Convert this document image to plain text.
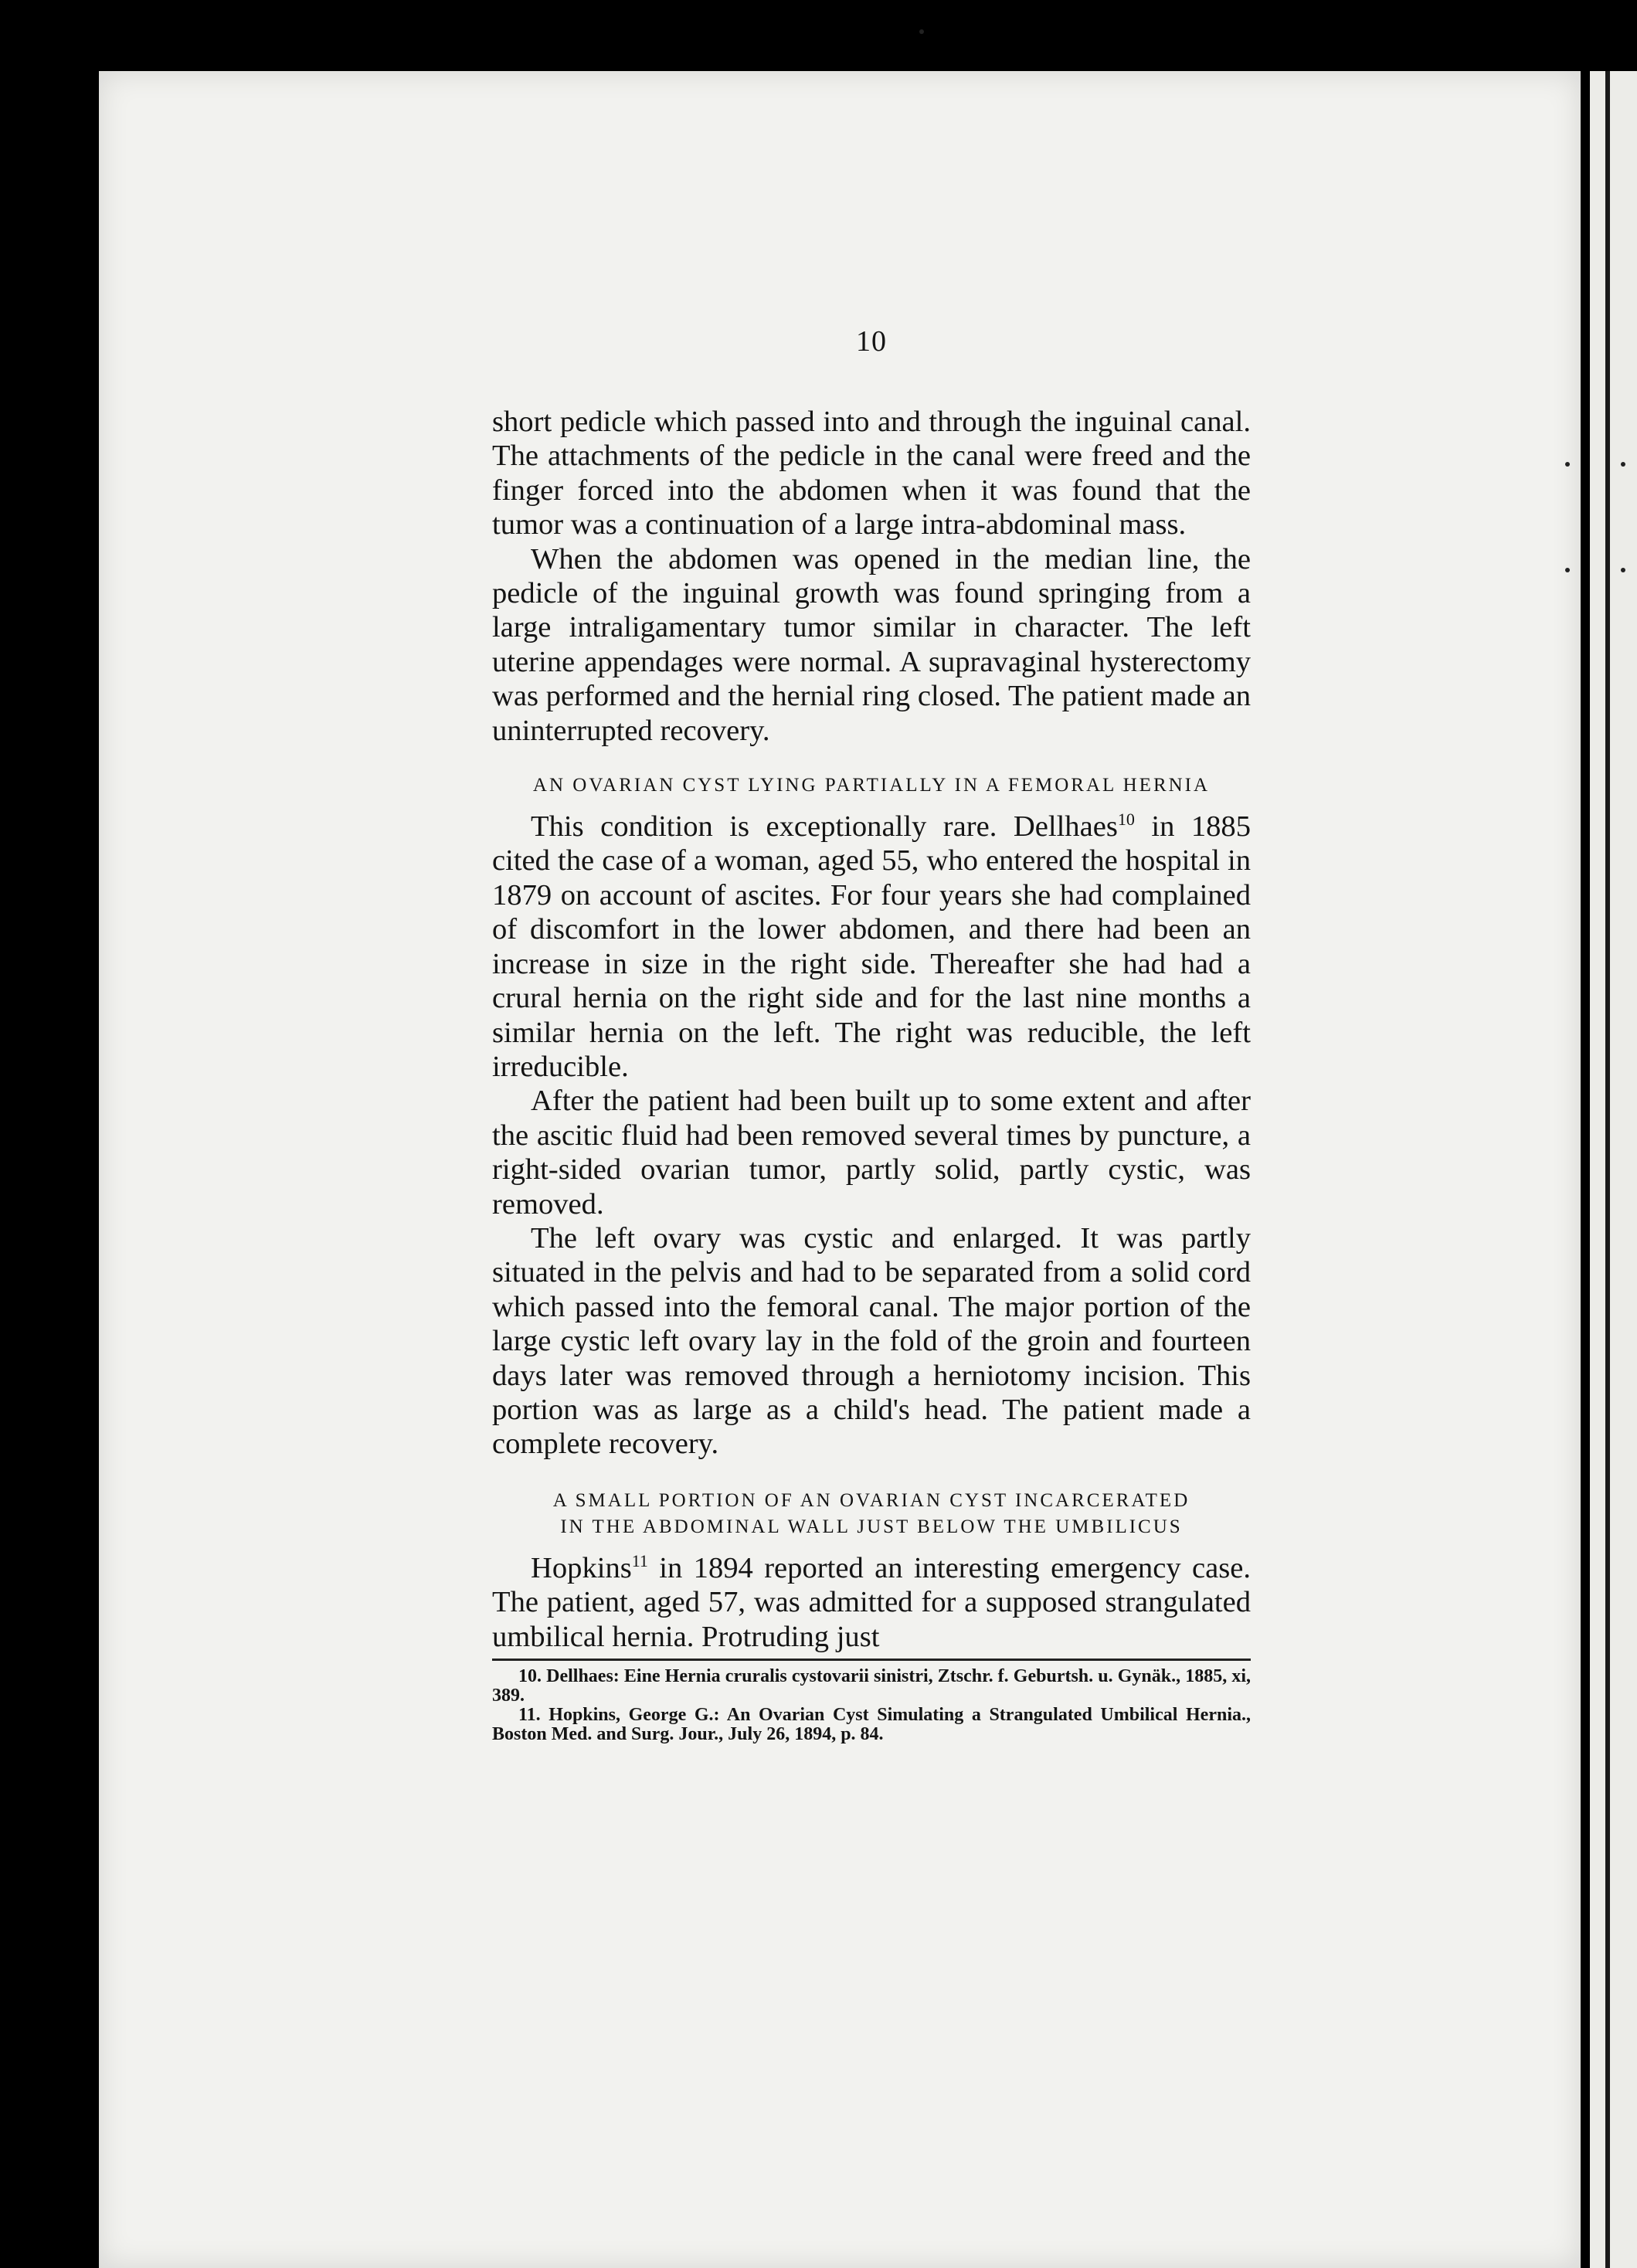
10

short pedicle which passed into and through the inguinal canal. The attachments of the pedicle in the canal were freed and the finger forced into the abdomen when it was found that the tumor was a continuation of a large intra-abdominal mass.

When the abdomen was opened in the median line, the pedicle of the inguinal growth was found springing from a large intraligamentary tumor similar in character. The left uterine appendages were normal. A supravaginal hysterectomy was performed and the hernial ring closed. The patient made an uninterrupted recovery.

AN OVARIAN CYST LYING PARTIALLY IN A FEMORAL HERNIA

This condition is exceptionally rare. Dellhaes$^{10}$ in 1885 cited the case of a woman, aged 55, who entered the hospital in 1879 on account of ascites. For four years she had complained of discomfort in the lower abdomen, and there had been an increase in size in the right side. Thereafter she had had a crural hernia on the right side and for the last nine months a similar hernia on the left. The right was reducible, the left irreducible.

After the patient had been built up to some extent and after the ascitic fluid had been removed several times by puncture, a right-sided ovarian tumor, partly solid, partly cystic, was removed.

The left ovary was cystic and enlarged. It was partly situated in the pelvis and had to be separated from a solid cord which passed into the femoral canal. The major portion of the large cystic left ovary lay in the fold of the groin and fourteen days later was removed through a herniotomy incision. This portion was as large as a child's head. The patient made a complete recovery.

A SMALL PORTION OF AN OVARIAN CYST INCARCERATED
IN THE ABDOMINAL WALL JUST BELOW THE UMBILICUS

Hopkins$^{11}$ in 1894 reported an interesting emergency case. The patient, aged 57, was admitted for a supposed strangulated umbilical hernia. Protruding just

10. Dellhaes: Eine Hernia cruralis cystovarii sinistri, Ztschr. f. Geburtsh. u. Gynäk., 1885, xi, 389.

11. Hopkins, George G.: An Ovarian Cyst Simulating a Strangulated Umbilical Hernia., Boston Med. and Surg. Jour., July 26, 1894, p. 84.
